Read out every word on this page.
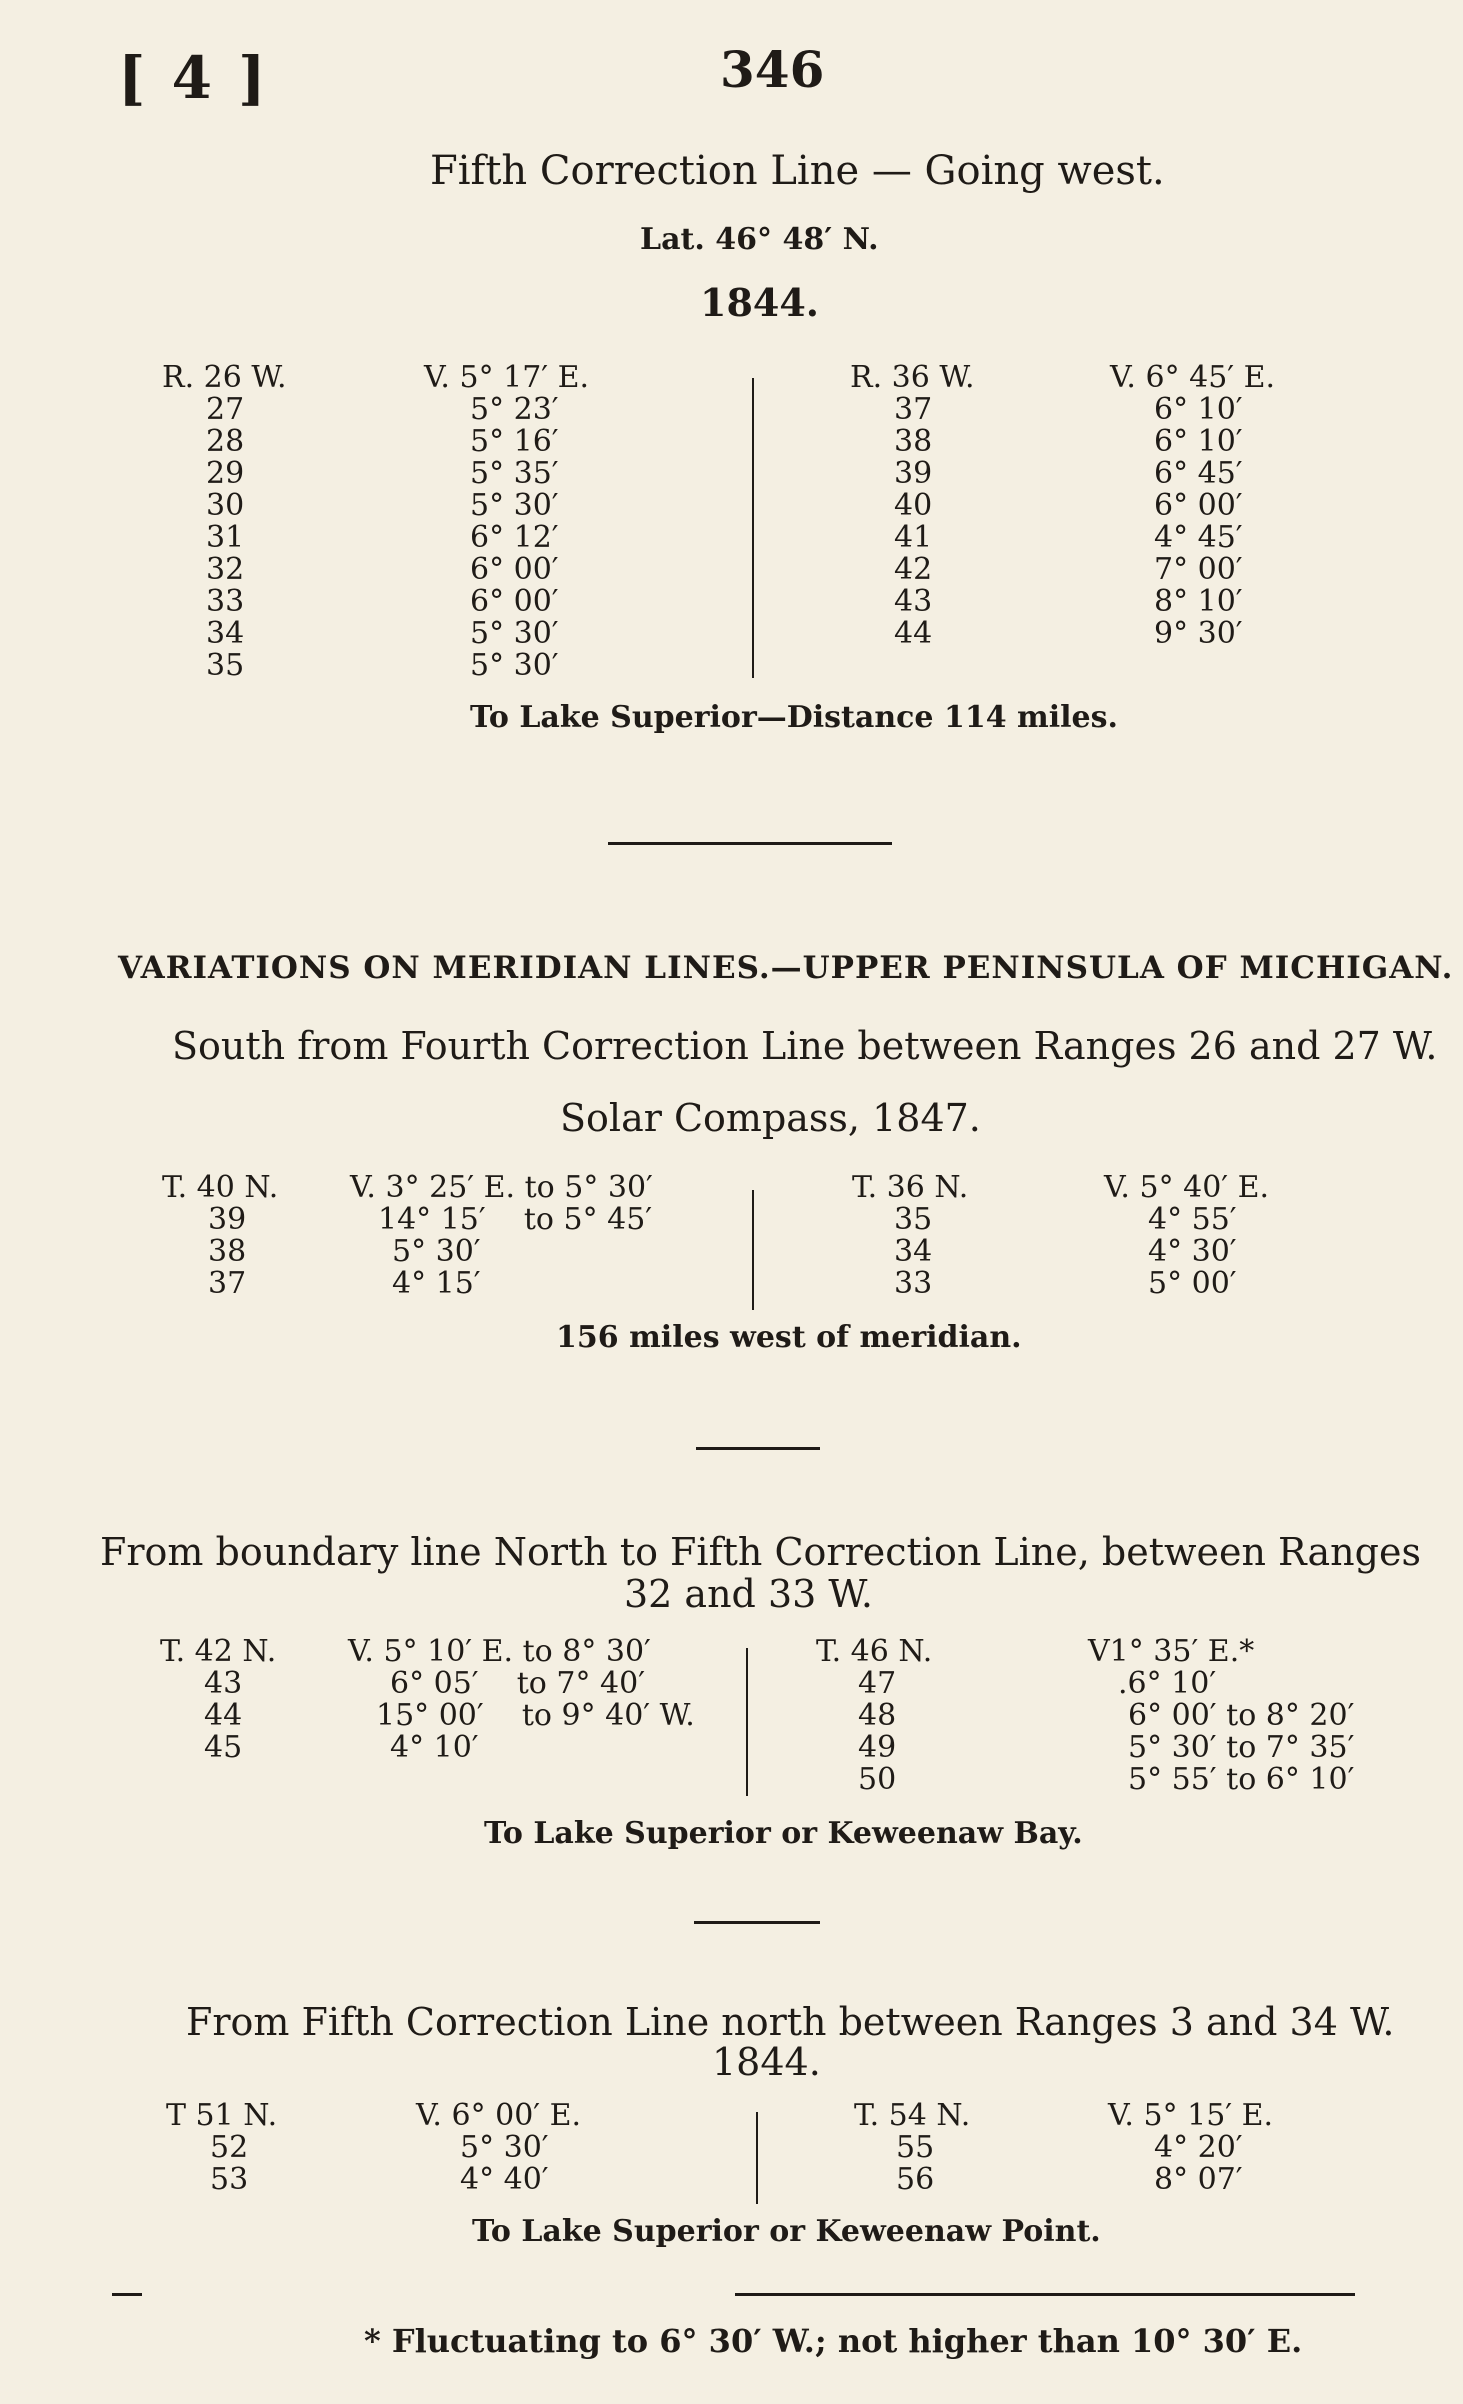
[ 4 ]	346
Fifth Correction Line — Going west.
Lat. 46° 48′ N.
1844.
R. 26 W.
27
28
29
30
31
32
33
34
35
V. 5° 17′ E.
5° 23′
5° 16′
5° 35′
5° 30′
6° 12′
6° 00′
6° 00′
5° 30′
5° 30′
R. 36 W.
37
38
39
40
41
42
43
44
V. 6° 45′ E.
6° 10′
6° 10′
6° 45′
6° 00′
4° 45′
7° 00′
8° 10′
9° 30′
To Lake Superior—Distance 114 miles.
VARIATIONS ON MERIDIAN LINES.—UPPER PENINSULA OF MICHIGAN.
South from Fourth Correction Line between Ranges 26 and 27 W.
Solar Compass, 1847.
T. 40 N.
39
38
37
V. 3° 25′ E. to 5° 30′
14° 15′    to 5° 45′
5° 30′
4° 15′
T. 36 N.
35
34
33
V. 5° 40′ E.
4° 55′
4° 30′
5° 00′
156 miles west of meridian.
From boundary line North to Fifth Correction Line, between Ranges
32 and 33 W.
T. 42 N.
43
44
45
V. 5° 10′ E. to 8° 30′
6° 05′    to 7° 40′
15° 00′    to 9° 40′ W.
4° 10′
T. 46 N.
47
48
49
50
V1° 35′ E.*
.6° 10′
6° 00′ to 8° 20′
5° 30′ to 7° 35′
5° 55′ to 6° 10′
To Lake Superior or Keweenaw Bay.
From Fifth Correction Line north between Ranges 3 and 34 W.
1844.
T 51 N.
52
53
V. 6° 00′ E.
5° 30′
4° 40′
T. 54 N.
55
56
V. 5° 15′ E.
4° 20′
8° 07′
To Lake Superior or Keweenaw Point.
* Fluctuating to 6° 30′ W.; not higher than 10° 30′ E.
